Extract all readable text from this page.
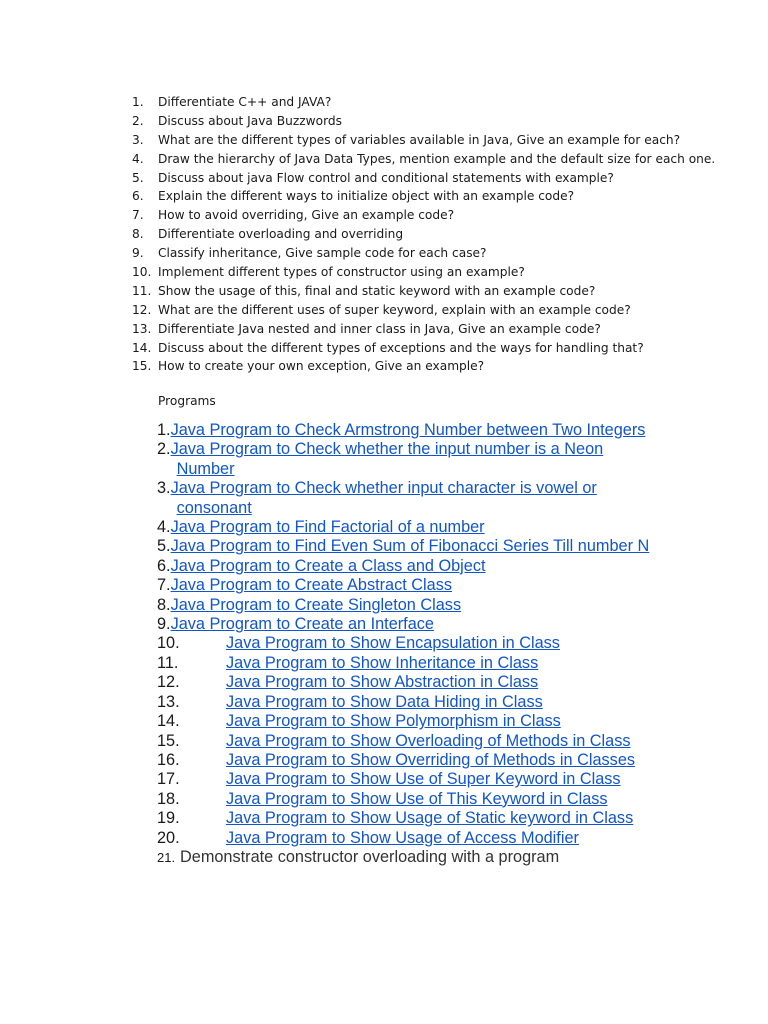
1.	Differentiate C++ and JAVA?
2.	Discuss about Java Buzzwords
3.	What are the different types of variables available in Java, Give an example for each?
4.	Draw the hierarchy of Java Data Types, mention example and the default size for each one.
5.	Discuss about java Flow control and conditional statements with example?
6.	Explain the different ways to initialize object with an example code?
7.	How to avoid overriding, Give an example code?
8.	Differentiate overloading and overriding
9.	Classify inheritance, Give sample code for each case?
10. Implement different types of constructor using an example?
11. Show the usage of this, final and static keyword with an example code?
12. What are the different uses of super keyword, explain with an example code?
13. Differentiate Java nested and inner class in Java, Give an example code?
14. Discuss about the different types of exceptions and the ways for handling that?
15. How to create your own exception, Give an example?
Programs
1. Java Program to Check Armstrong Number between Two Integers
2. Java Program to Check whether the input number is a Neon
Number
3. Java Program to Check whether input character is vowel or
consonant
4. Java Program to Find Factorial of a number
5. Java Program to Find Even Sum of Fibonacci Series Till number N
6. Java Program to Create a Class and Object
7. Java Program to Create Abstract Class
8. Java Program to Create Singleton Class
9. Java Program to Create an Interface
10.	Java Program to Show Encapsulation in Class
11.	Java Program to Show Inheritance in Class
12.	Java Program to Show Abstraction in Class
13.	Java Program to Show Data Hiding in Class
14.	Java Program to Show Polymorphism in Class
15.	Java Program to Show Overloading of Methods in Class
16.	Java Program to Show Overriding of Methods in Classes
17.	Java Program to Show Use of Super Keyword in Class
18.	Java Program to Show Use of This Keyword in Class
19.	Java Program to Show Usage of Static keyword in Class
20.	Java Program to Show Usage of Access Modifier
21. Demonstrate constructor overloading with a program
